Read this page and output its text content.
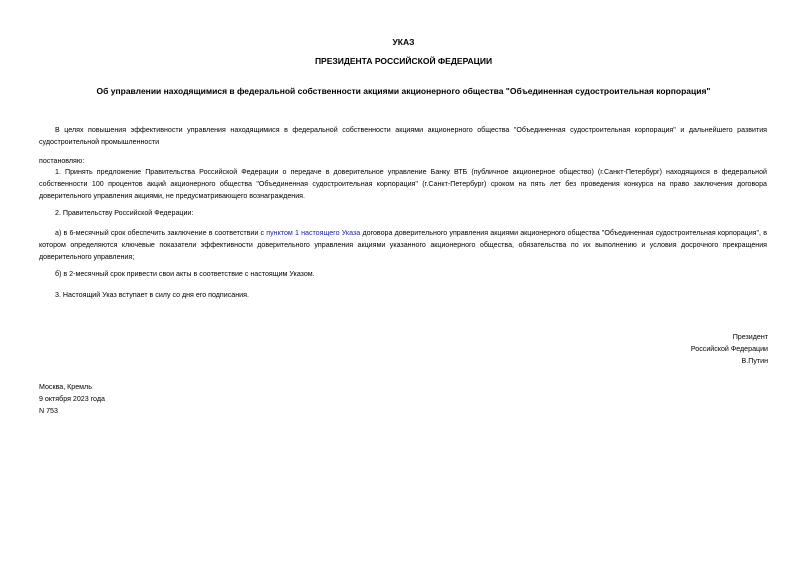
УКАЗ
ПРЕЗИДЕНТА РОССИЙСКОЙ ФЕДЕРАЦИИ
Об управлении находящимися в федеральной собственности акциями акционерного общества "Объединенная судостроительная корпорация"

В целях повышения эффективности управления находящимися в федеральной собственности акциями акционерного общества "Объединенная судостроительная корпорация" и дальнейшего развития судостроительной промышленности

постановляю:

1. Принять предложение Правительства Российской Федерации о передаче в доверительное управление Банку ВТБ (публичное акционерное общество) (г.Санкт-Петербург) находящихся в федеральной собственности 100 процентов акций акционерного общества "Объединенная судостроительная корпорация" (г.Санкт-Петербург) сроком на пять лет без проведения конкурса на право заключения договора доверительного управления акциями, не предусматривающего вознаграждения.

2. Правительству Российской Федерации:

а) в 6-месячный срок обеспечить заключение в соответствии с пунктом 1 настоящего Указа договора доверительного управления акциями акционерного общества "Объединенная судостроительная корпорация", в котором определяются ключевые показатели эффективности доверительного управления акциями указанного акционерного общества, обязательства по их выполнению и условия досрочного прекращения доверительного управления;

б) в 2-месячный срок привести свои акты в соответствие с настоящим Указом.

3. Настоящий Указ вступает в силу со дня его подписания.

Президент
Российской Федерации
В.Путин
Москва, Кремль
9 октября 2023 года
N 753
